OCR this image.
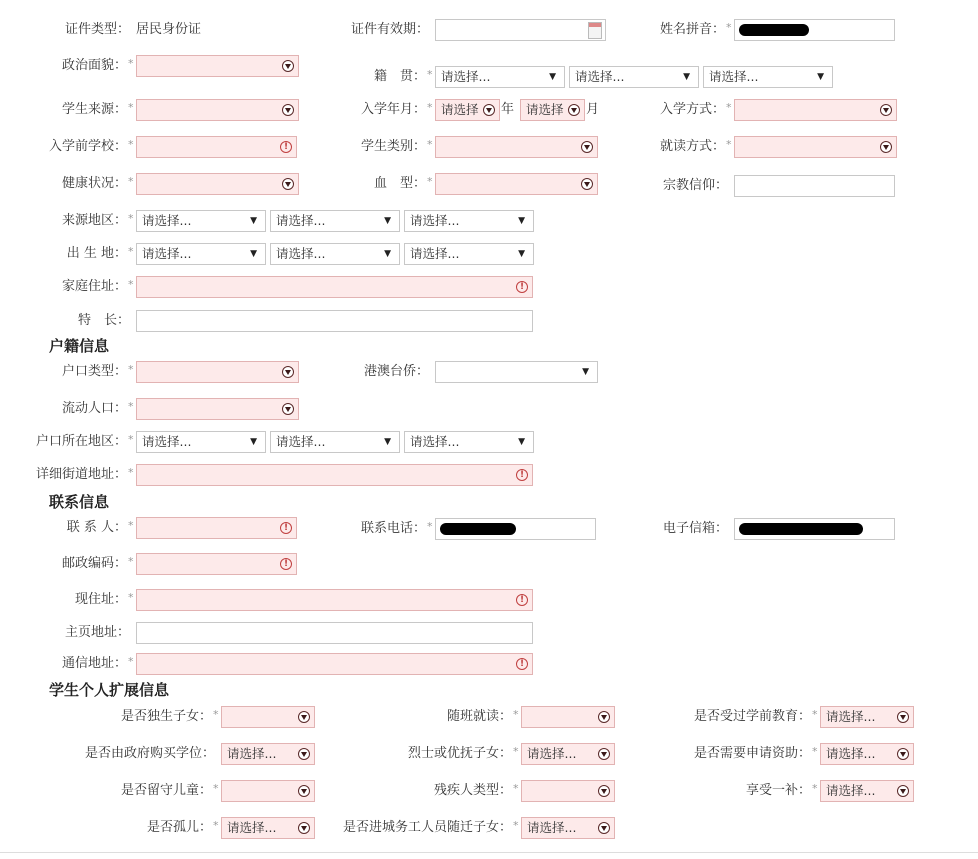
户籍信息
联系信息
学生个人扩展信息
证件类型： 居民身份证	证件有效期：	姓名拼音： *
政治面貌： *
籍　贯： * 请选择...	▼ 请选择...	▼ 请选择...	▼
学生来源： *	入学年月： * 请选择 年 请选择 月	入学方式： *
入学前学校： *	!	学生类别： *	就读方式： *
健康状况： *	血　型： *	宗教信仰：
来源地区： * 请选择...	▼ 请选择...	▼ 请选择...	▼
出 生 地： * 请选择...	▼ 请选择...	▼ 请选择...	▼
家庭住址： *	!
特　长：
户口类型： *	港澳台侨：	▼
流动人口： *
户口所在地区： * 请选择...	▼ 请选择...	▼ 请选择...	▼
详细街道地址： *	!
联 系 人： *	!	联系电话： *	电子信箱：
邮政编码： *	!
现住址： *	!
主页地址：
通信地址： *	!
是否独生子女： *	随班就读： *	是否受过学前教育： * 请选择...
是否由政府购买学位： 请选择...	烈士或优抚子女： * 请选择...	是否需要申请资助： * 请选择...
是否留守儿童： *	残疾人类型： *	享受一补： * 请选择...
是否孤儿： * 请选择...	是否进城务工人员随迁子女： * 请选择...
